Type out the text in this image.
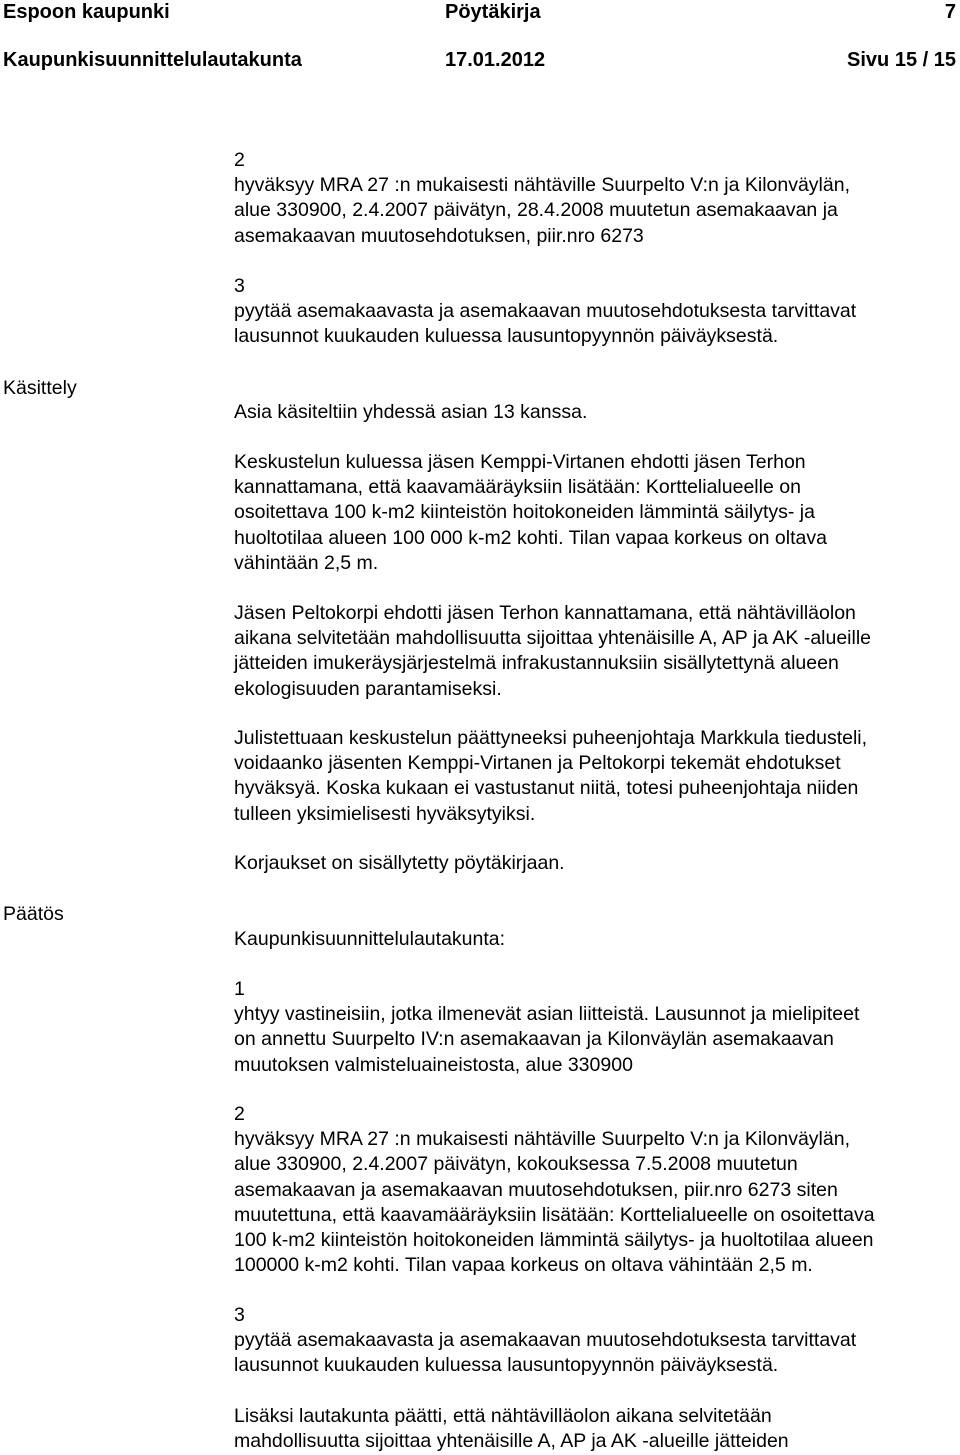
Espoon kaupunki	Pöytäkirja	7
Kaupunkisuunnittelulautakunta	17.01.2012	Sivu 15 / 15
Käsittely
Päätös
2
hyväksyy MRA 27 :n mukaisesti nähtäville Suurpelto V:n ja Kilonväylän,
alue 330900, 2.4.2007 päivätyn, 28.4.2008 muutetun asemakaavan ja
asemakaavan muutosehdotuksen, piir.nro 6273
3
pyytää asemakaavasta ja asemakaavan muutosehdotuksesta tarvittavat
lausunnot kuukauden kuluessa lausuntopyynnön päiväyksestä.
Asia käsiteltiin yhdessä asian 13 kanssa.
Keskustelun kuluessa jäsen Kemppi-Virtanen ehdotti jäsen Terhon
kannattamana, että kaavamääräyksiin lisätään: Korttelialueelle on
osoitettava 100 k-m2 kiinteistön hoitokoneiden lämmintä säilytys- ja
huoltotilaa alueen 100 000 k-m2 kohti. Tilan vapaa korkeus on oltava
vähintään 2,5 m.
Jäsen Peltokorpi ehdotti jäsen Terhon kannattamana, että nähtävilläolon
aikana selvitetään mahdollisuutta sijoittaa yhtenäisille A, AP ja AK -alueille
jätteiden imukeräysjärjestelmä infrakustannuksiin sisällytettynä alueen
ekologisuuden parantamiseksi.
Julistettuaan keskustelun päättyneeksi puheenjohtaja Markkula tiedusteli,
voidaanko jäsenten Kemppi-Virtanen ja Peltokorpi tekemät ehdotukset
hyväksyä. Koska kukaan ei vastustanut niitä, totesi puheenjohtaja niiden
tulleen yksimielisesti hyväksytyiksi.
Korjaukset on sisällytetty pöytäkirjaan.
Kaupunkisuunnittelulautakunta:
1
yhtyy vastineisiin, jotka ilmenevät asian liitteistä. Lausunnot ja mielipiteet
on annettu Suurpelto IV:n asemakaavan ja Kilonväylän asemakaavan
muutoksen valmisteluaineistosta, alue 330900
2
hyväksyy MRA 27 :n mukaisesti nähtäville Suurpelto V:n ja Kilonväylän,
alue 330900, 2.4.2007 päivätyn, kokouksessa 7.5.2008 muutetun
asemakaavan ja asemakaavan muutosehdotuksen, piir.nro 6273 siten
muutettuna, että kaavamääräyksiin lisätään: Korttelialueelle on osoitettava
100 k-m2 kiinteistön hoitokoneiden lämmintä säilytys- ja huoltotilaa alueen
100000 k-m2 kohti. Tilan vapaa korkeus on oltava vähintään 2,5 m.
3
pyytää asemakaavasta ja asemakaavan muutosehdotuksesta tarvittavat
lausunnot kuukauden kuluessa lausuntopyynnön päiväyksestä.
Lisäksi lautakunta päätti, että nähtävilläolon aikana selvitetään
mahdollisuutta sijoittaa yhtenäisille A, AP ja AK -alueille jätteiden
